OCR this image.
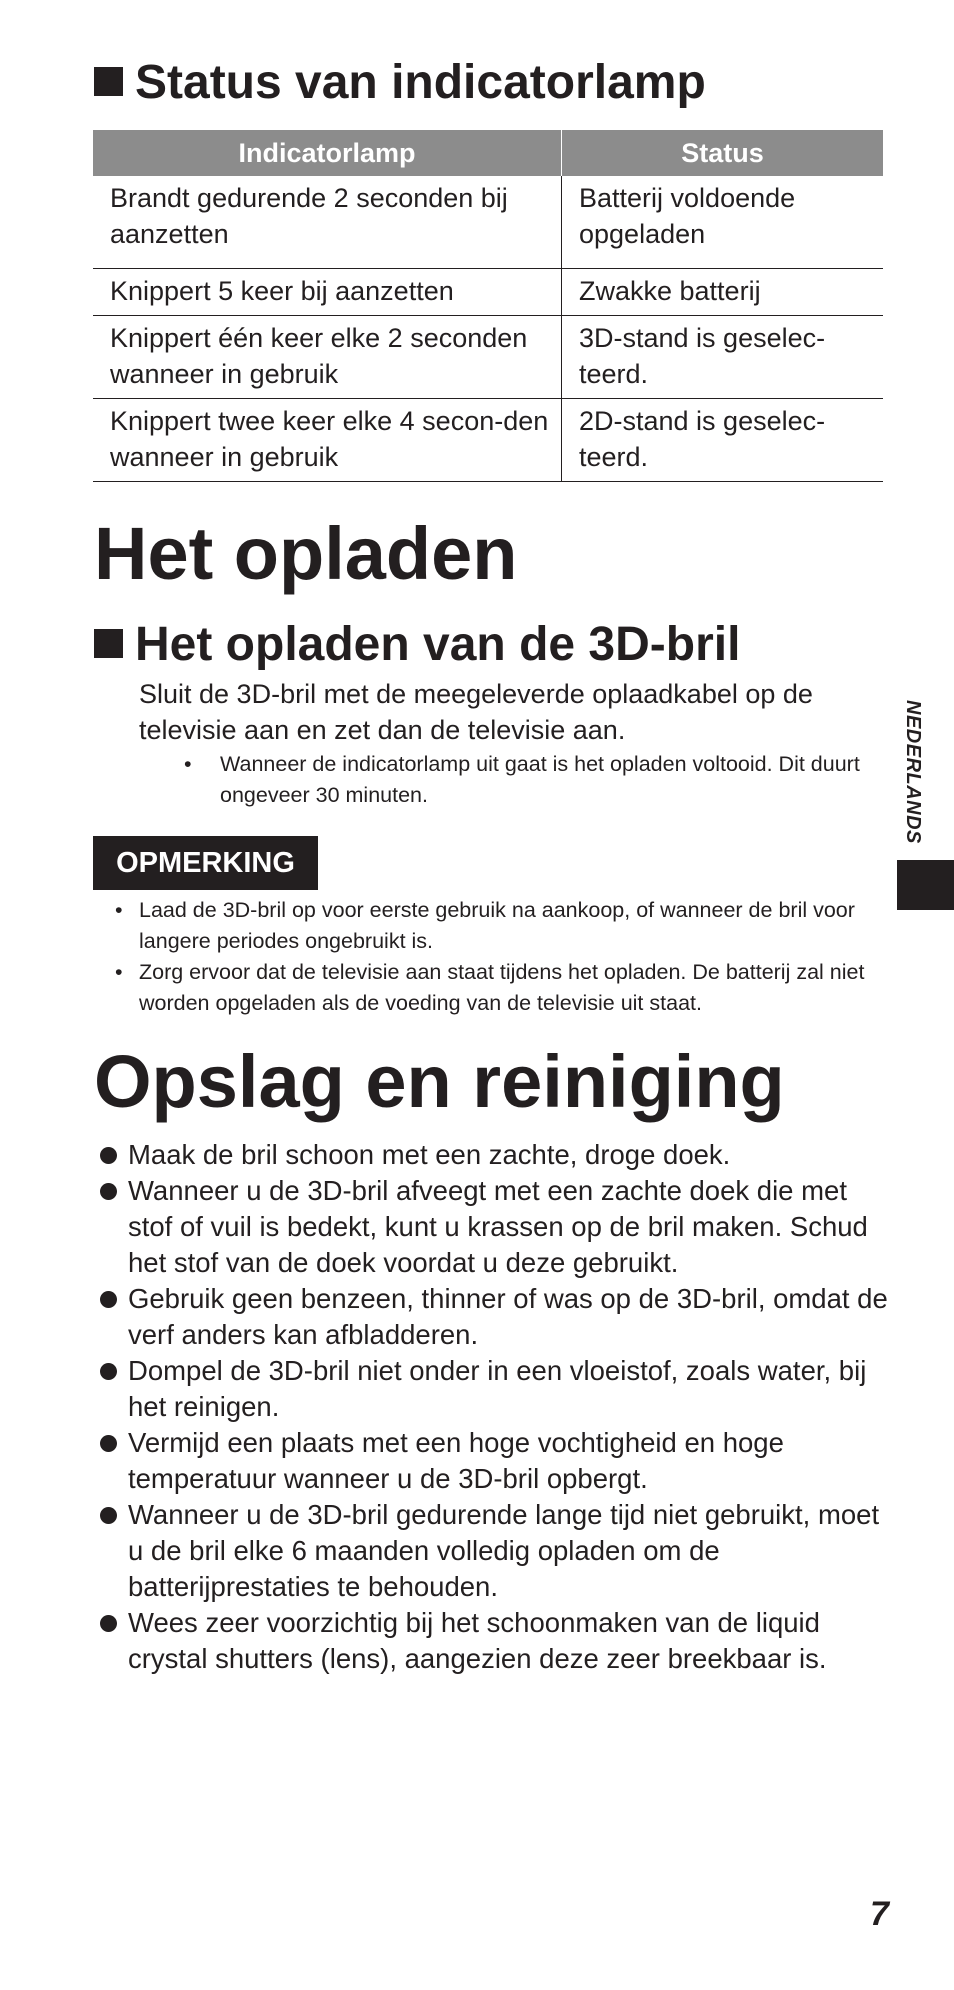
Status van indicatorlamp
Indicatorlamp	Status
Brandt gedurende 2 seconden bij aanzetten	Batterij voldoende opgeladen
Knippert 5 keer bij aanzetten	Zwakke batterij
Knippert één keer elke 2 seconden wanneer in gebruik	3D-stand is geselec-teerd.
Knippert twee keer elke 4 secon-den wanneer in gebruik	2D-stand is geselec-teerd.
Het opladen
Het opladen van de 3D-bril
Sluit de 3D-bril met de meegeleverde oplaadkabel op de televisie aan en zet dan de televisie aan.
• Wanneer de indicatorlamp uit gaat is het opladen voltooid. Dit duurt ongeveer 30 minuten.
OPMERKING
• Laad de 3D-bril op voor eerste gebruik na aankoop, of wanneer de bril voor langere periodes ongebruikt is.
• Zorg ervoor dat de televisie aan staat tijdens het opladen. De batterij zal niet worden opgeladen als de voeding van de televisie uit staat.
Opslag en reiniging
Maak de bril schoon met een zachte, droge doek.
Wanneer u de 3D-bril afveegt met een zachte doek die met stof of vuil is bedekt, kunt u krassen op de bril maken. Schud het stof van de doek voordat u deze gebruikt.
Gebruik geen benzeen, thinner of was op de 3D-bril, omdat de verf anders kan afbladderen.
Dompel de 3D-bril niet onder in een vloeistof, zoals water, bij het reinigen.
Vermijd een plaats met een hoge vochtigheid en hoge temperatuur wanneer u de 3D-bril opbergt.
Wanneer u de 3D-bril gedurende lange tijd niet gebruikt, moet u de bril elke 6 maanden volledig opladen om de batterijprestaties te behouden.
Wees zeer voorzichtig bij het schoonmaken van de liquid crystal shutters (lens), aangezien deze zeer breekbaar is.
NEDERLANDS
7
